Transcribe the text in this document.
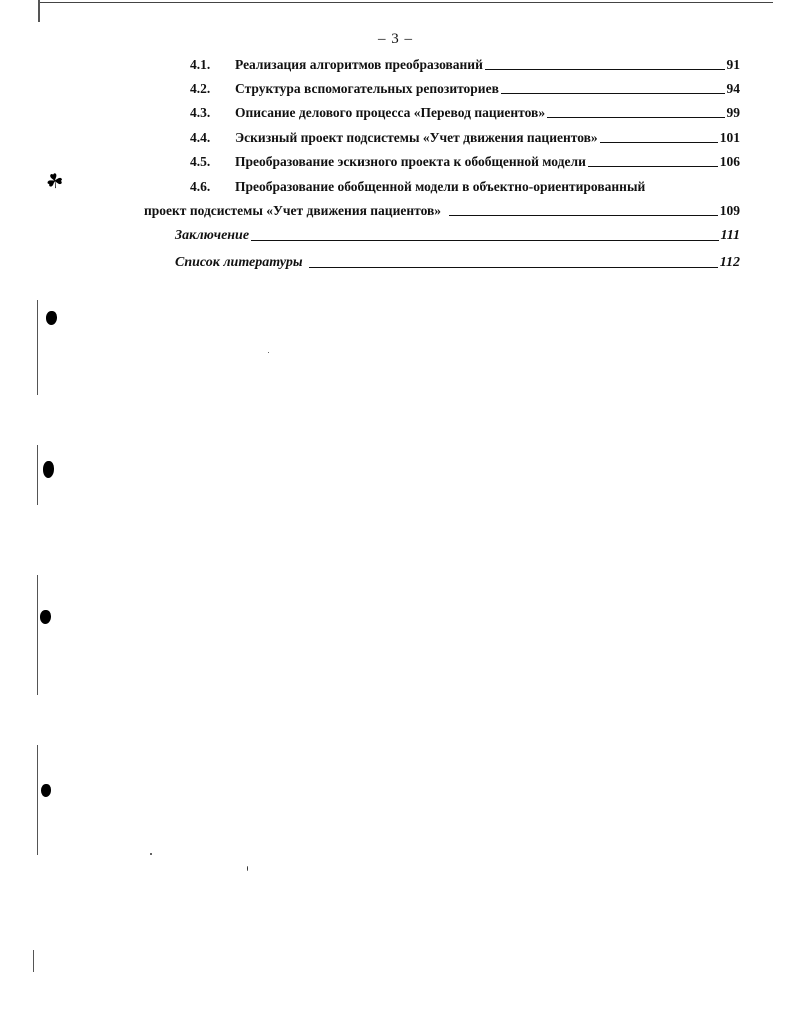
☘
– 3 –
4.1.	Реализация алгоритмов преобразований	91
4.2.	Структура вспомогательных репозиториев	94
4.3.	Описание делового процесса «Перевод пациентов»	99
4.4.	Эскизный проект подсистемы «Учет движения пациентов»	101
4.5.	Преобразование эскизного проекта к обобщенной модели	106
4.6.	Преобразование обобщенной модели в объектно-ориентированный
проект подсистемы «Учет движения пациентов»	109
Заключение	111
Список литературы	112
